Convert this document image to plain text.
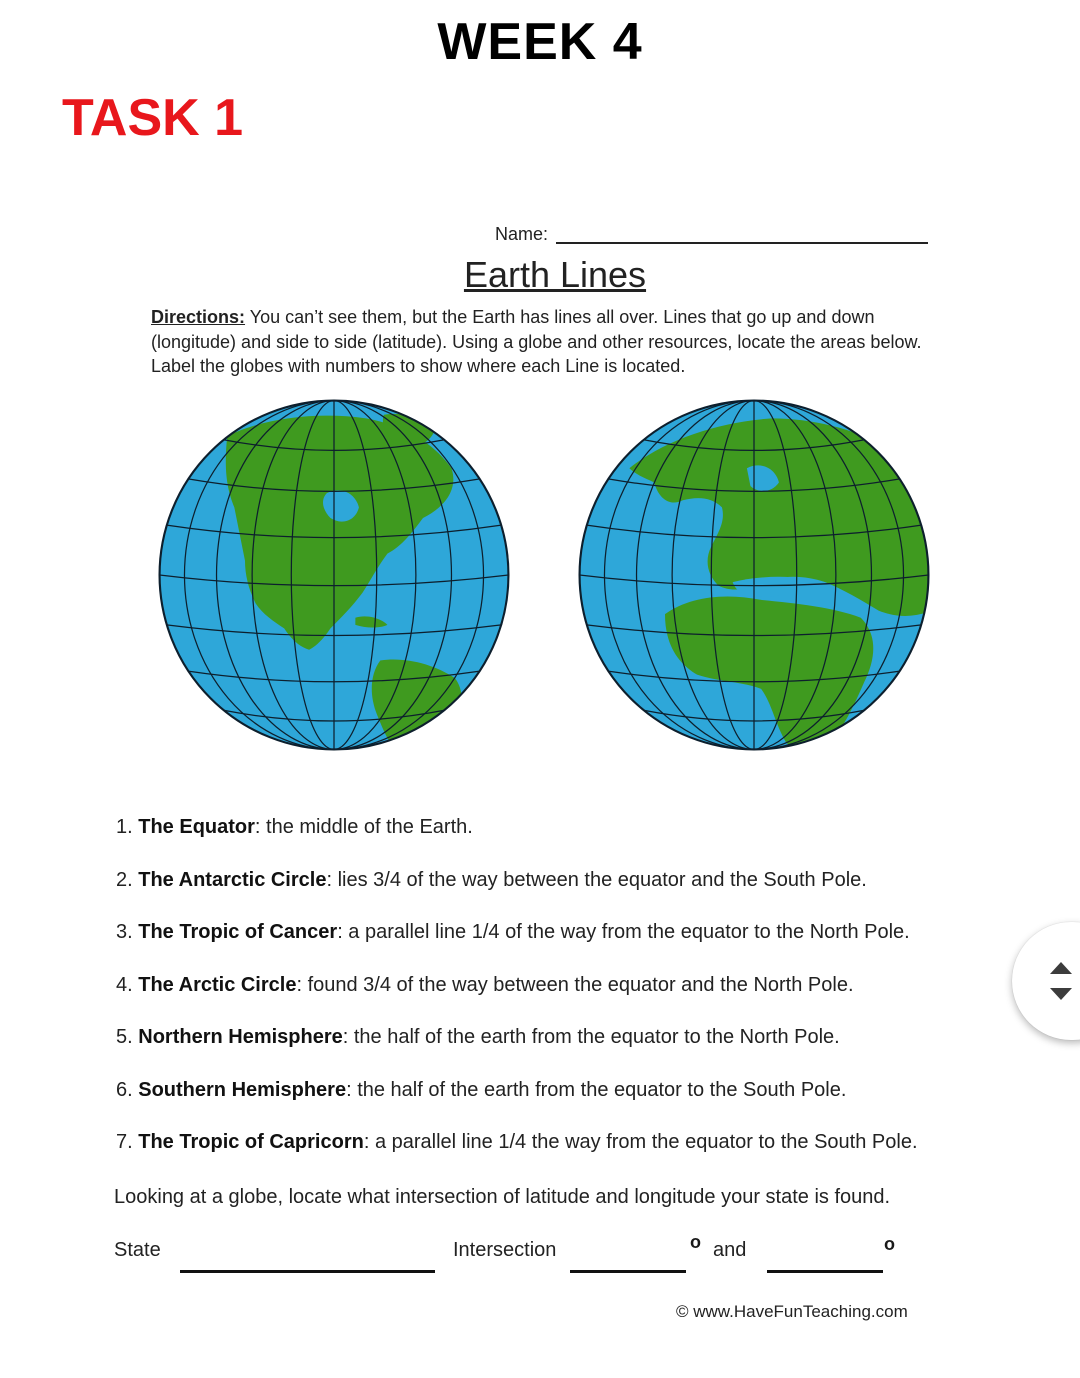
WEEK 4
TASK 1
Name:
Earth Lines
Directions: You can’t see them, but the Earth has lines all over. Lines that go up and down (longitude) and side to side (latitude). Using a globe and other resources, locate the areas below. Label the globes with numbers to show where each Line is located.
1. The Equator: the middle of the Earth.
2. The Antarctic Circle: lies 3/4 of the way between the equator and the South Pole.
3. The Tropic of Cancer: a parallel line 1/4 of the way from the equator to the North Pole.
4. The Arctic Circle: found 3/4 of the way between the equator and the North Pole.
5. Northern Hemisphere: the half of the earth from the equator to the North Pole.
6. Southern Hemisphere: the half of the earth from the equator to the South Pole.
7. The Tropic of Capricorn: a parallel line 1/4 the way from the equator to the South Pole.
Looking at a globe, locate what intersection of latitude and longitude your state is found.
State	Intersection	o and	o
© www.HaveFunTeaching.com
